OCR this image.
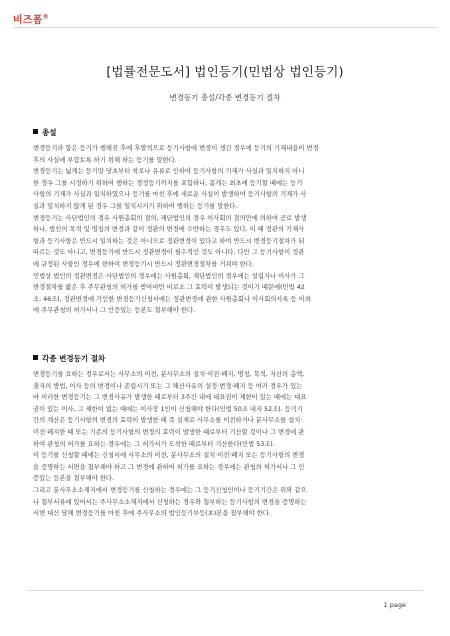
비즈폼®
[법률전문도서] 법인등기(민법상 법인등기)
변경등기 총설/각종 변경등기 절차
총설
변경등기라 함은 등기가 행해진 후에 후발적으로 등기사항에 변경이 생긴 경우에 등기의 기재내용이 변경
후의 사실에 부합토록 하기 위해 하는 등기를 말한다.
변경등기는 넓게는 등기말 당초부터 착오나 유류로 인하여 등기사항의 기재가 사실과 일치하지 아니
한 경우 그를 시정하기 위하여 행하는 경정등기까지를 포함하나, 좁게는 최초에 등기할 때에는 등기
사항의 기재가 사실과 일치하였으나 등기를 마친 후에 새로운 사실이 발생하여 등기사항의 기재가 사
실과 일치하지 않게 된 경우 그를 일치시키기 위하여 행하는 등기를 말한다.
변경등기는 사단법인의 경우 사원총회의 결의, 재단법인의 경우 이사회의 결의만에 의하여 곧로 발생
하나, 법인의 목적 및 명칭의 변경과 같이 정관의 변경에 수반하는 경우도 있다. 이 때 정관의 기재사
항과 등기사항은 반드시 일치하는 것은 아니므로 정관변경이 있다고 하여 반드시 변경등기절차가 뒤
따르는 것도 아니고, 변경등기에 반드시 정관변경이 필수적인 것도 아니다. 다만 그 등기사항이 정관
에 규정된 사항인 경우에 한하여 변경등기시 반드시 정관변경절차를 거쳐야 한다.
민법상 법인의 정관변경은 사단법인의 경우에는 사원총회, 재단법인의 경우에는 설립자나 이사가 그
변경절차를 밟은 후 주무관청의 허가를 받아야만 비로소 그 효력이 발생되는 것이기 때문에(민법 42
조, 46조), 정관변경에 기인한 변경등기신청서에는 정관변경에 관한 사원총회나 이사회의사록 등 이외
에 주무관청의 허가서나 그 인증있는 등본도 첨부해야 한다.
각종 변경등기 절차
변경등기를 요하는 경우로서는 사무소의 이전, 분사무소의 설치·이전·폐지, 명칭, 목적, 자산의 총액,
출자의 방법, 이사 등의 변경이나 존립시기 또는 그 해산사유의 설정·변경·폐지 등 여러 경우가 있는
바 이러한 변경등기는 그 변경사유가 발생한 때로부터 3주간 내에 대표권이 제한이 있는 때에는 대표
권이 있는 이사, 그 제한이 없는 때에는 이사장 1인이 신청해야 한다(민법 50조 내지 52조). 등기기
간의 계산은 등기사항의 변경의 효력이 발생한 때 즉 실제로 사무소를 이전하거나 분사무소를 설치·
이전·폐지한 때 또는 기존의 등기사항의 변경의 효력이 발생한 때로부터 기산할 것이나 그 변경에 관
하여 관청의 허가를 요하는 경우에는 그 허가서가 도착한 때로부터 기산한다(민법 53조).
이 등기를 신청할 때에는 신청서에 사무소의 이전, 분사무소의 설치·이전·폐지 또는 등기사항의 변경
을 증명하는 서면을 첨부해야 하고 그 변경에 관하여 허가를 요하는 경우에는 관청의 허가서나 그 인
증있는 등본을 첨부해야 한다.
그리고 분사무소소재지에서 변경등기를 신청하는 경우에는 그 등기신청인이나 등기기간은 위와 같으
나 첨부서류에 있어서는 주사무소소재지에서 신청하는 경우와 첨부하는 등기사항의 변경을 증명하는
서면 대신 당해 변경등기를 마친 후에 주사무소의 법인등기부등(초)본을 첨부해야 한다.
1 page
